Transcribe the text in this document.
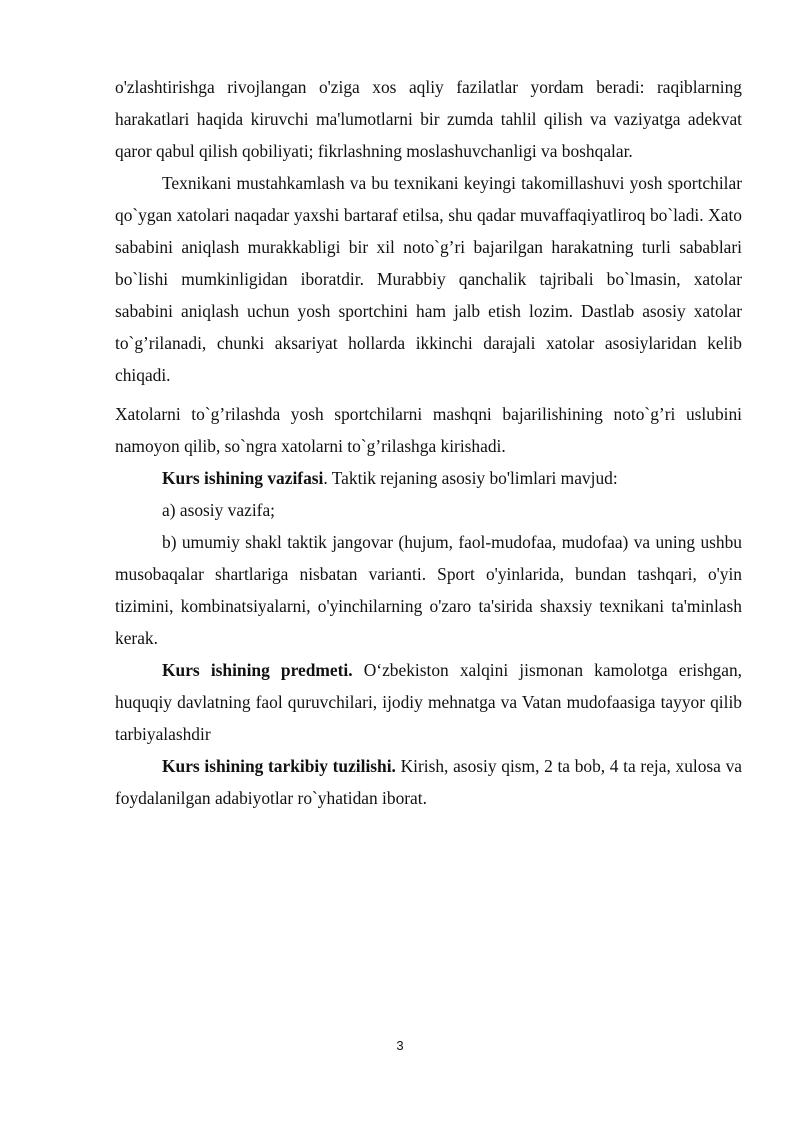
o'zlashtirishga rivojlangan o'ziga xos aqliy fazilatlar yordam beradi: raqiblarning harakatlari haqida kiruvchi ma'lumotlarni bir zumda tahlil qilish va vaziyatga adekvat qaror qabul qilish qobiliyati; fikrlashning moslashuvchanligi va boshqalar.

Texnikani mustahkamlash va bu texnikani keyingi takomillashuvi yosh sportchilar qo`ygan xatolari naqadar yaxshi bartaraf etilsa, shu qadar muvaffaqiyatliroq bo`ladi. Xato sababini aniqlash murakkabligi bir xil noto`g’ri bajarilgan harakatning turli sabablari bo`lishi mumkinligidan iboratdir. Murabbiy qanchalik tajribali bo`lmasin, xatolar sababini aniqlash uchun yosh sportchini ham jalb etish lozim. Dastlab asosiy xatolar to`g’rilanadi, chunki aksariyat hollarda ikkinchi darajali xatolar asosiylaridan kelib chiqadi.

Xatolarni to`g’rilashda yosh sportchilarni mashqni bajarilishining noto`g’ri uslubini namoyon qilib, so`ngra xatolarni to`g’rilashga kirishadi.

Kurs ishining vazifasi. Taktik rejaning asosiy bo'limlari mavjud:

a) asosiy vazifa;

b) umumiy shakl taktik jangovar (hujum, faol-mudofaa, mudofaa) va uning ushbu musobaqalar shartlariga nisbatan varianti. Sport o'yinlarida, bundan tashqari, o'yin tizimini, kombinatsiyalarni, o'yinchilarning o'zaro ta'sirida shaxsiy texnikani ta'minlash kerak.

Kurs ishining predmeti. O‘zbekiston xalqini jismonan kamolotga erishgan, huquqiy davlatning faol quruvchilari, ijodiy mehnatga va Vatan mudofaasiga tayyor qilib tarbiyalashdir

Kurs ishining tarkibiy tuzilishi. Kirish, asosiy qism, 2 ta bob, 4 ta reja, xulosa va foydalanilgan adabiyotlar ro`yhatidan iborat.

3
